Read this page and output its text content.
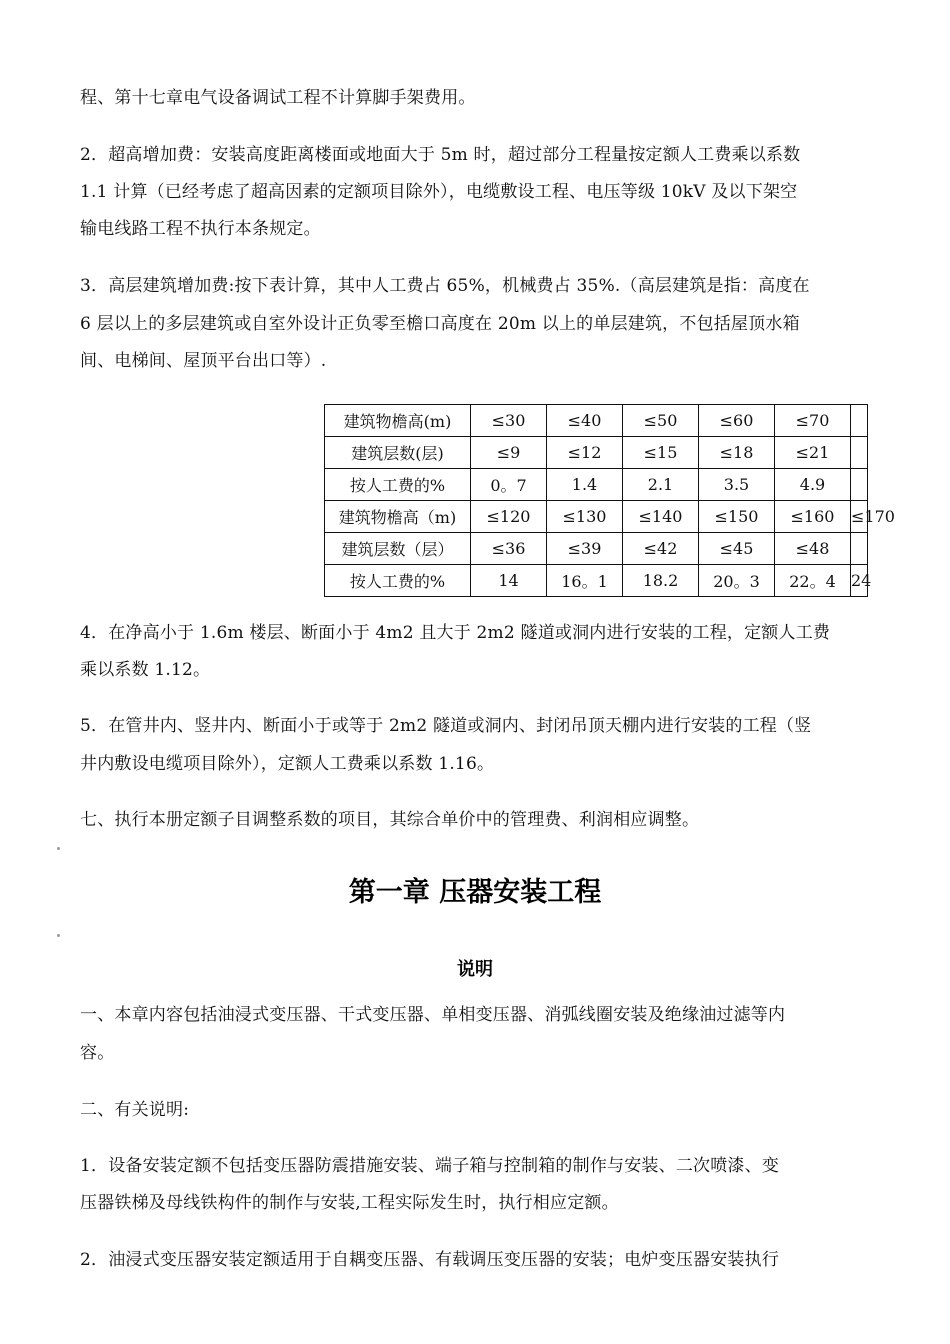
程、第十七章电气设备调试工程不计算脚手架费用。
2．超高增加费：安装高度距离楼面或地面大于 5m 时，超过部分工程量按定额人工费乘以系数
1.1 计算（已经考虑了超高因素的定额项目除外），电缆敷设工程、电压等级 10kV 及以下架空
输电线路工程不执行本条规定。
3．高层建筑增加费:按下表计算，其中人工费占 65%，机械费占 35%.（高层建筑是指：高度在
6 层以上的多层建筑或自室外设计正负零至檐口高度在 20m 以上的单层建筑，不包括屋顶水箱
间、电梯间、屋顶平台出口等）.
建筑物檐高(m)	≤30	≤40	≤50	≤60	≤70	

建筑层数(层)	≤9	≤12	≤15	≤18	≤21	

按人工费的%	0。7	1.4	2.1	3.5	4.9	

建筑物檐高（m)	≤120	≤130	≤140	≤150	≤160	≤170

建筑层数（层）	≤36	≤39	≤42	≤45	≤48	

按人工费的%	14	16。1	18.2	20。3	22。4	24
4．在净高小于 1.6m 楼层、断面小于 4m2 且大于 2m2 隧道或洞内进行安装的工程，定额人工费
乘以系数 1.12。
5．在管井内、竖井内、断面小于或等于 2m2 隧道或洞内、封闭吊顶天棚内进行安装的工程（竖
井内敷设电缆项目除外），定额人工费乘以系数 1.16。
七、执行本册定额子目调整系数的项目，其综合单价中的管理费、利润相应调整。
第一章 压器安装工程
说明
一、本章内容包括油浸式变压器、干式变压器、单相变压器、消弧线圈安装及绝缘油过滤等内
容。
二、有关说明:
1．设备安装定额不包括变压器防震措施安装、端子箱与控制箱的制作与安装、二次喷漆、变
压器铁梯及母线铁构件的制作与安装,工程实际发生时，执行相应定额。
2．油浸式变压器安装定额适用于自耦变压器、有载调压变压器的安装；电炉变压器安装执行
